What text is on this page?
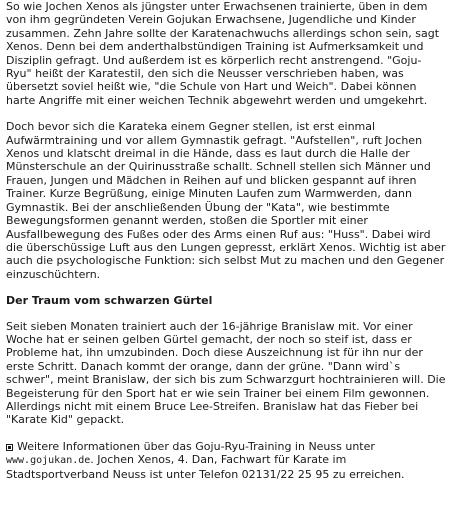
So wie Jochen Xenos als jüngster unter Erwachsenen trainierte, üben in dem von ihm gegründeten Verein Gojukan Erwachsene, Jugendliche und Kinder zusammen. Zehn Jahre sollte der Karatenachwuchs allerdings schon sein, sagt Xenos. Denn bei dem anderthalbstündigen Training ist Aufmerksamkeit und Disziplin gefragt. Und außerdem ist es körperlich recht anstrengend. "Goju-Ryu" heißt der Karatestil, den sich die Neusser verschrieben haben, was übersetzt soviel heißt wie, "die Schule von Hart und Weich". Dabei können harte Angriffe mit einer weichen Technik abgewehrt werden und umgekehrt.

Doch bevor sich die Karateka einem Gegner stellen, ist erst einmal Aufwärmtraining und vor allem Gymnastik gefragt. "Aufstellen", ruft Jochen Xenos und klatscht dreimal in die Hände, dass es laut durch die Halle der Münsterschule an der Quirinusstraße schallt. Schnell stellen sich Männer und Frauen, Jungen und Mädchen in Reihen auf und blicken gespannt auf ihren Trainer. Kurze Begrüßung, einige Minuten Laufen zum Warmwerden, dann Gymnastik. Bei der anschließenden Übung der "Kata", wie bestimmte Bewegungsformen genannt werden, stoßen die Sportler mit einer Ausfallbewegung des Fußes oder des Arms einen Ruf aus: "Huss". Dabei wird die überschüssige Luft aus den Lungen gepresst, erklärt Xenos. Wichtig ist aber auch die psychologische Funktion: sich selbst Mut zu machen und den Gegener einzuschüchtern.

Der Traum vom schwarzen Gürtel

Seit sieben Monaten trainiert auch der 16-jährige Branislaw mit. Vor einer Woche hat er seinen gelben Gürtel gemacht, der noch so steif ist, dass er Probleme hat, ihn umzubinden. Doch diese Auszeichnung ist für ihn nur der erste Schritt. Danach kommt der orange, dann der grüne. "Dann wird`s schwer", meint Branislaw, der sich bis zum Schwarzgurt hochtrainieren will. Die Begeisterung für den Sport hat er wie sein Trainer bei einem Film gewonnen. Allerdings nicht mit einem Bruce Lee-Streifen. Branislaw hat das Fieber bei "Karate Kid" gepackt.

Weitere Informationen über das Goju-Ryu-Training in Neuss unter www.gojukan.de. Jochen Xenos, 4. Dan, Fachwart für Karate im Stadtsportverband Neuss ist unter Telefon 02131/22 25 95 zu erreichen.
